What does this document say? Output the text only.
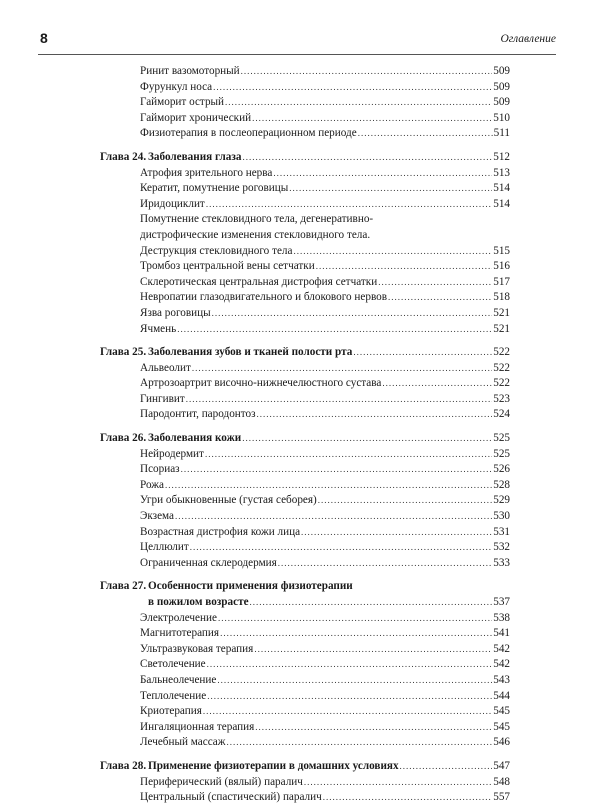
8	Оглавление
Ринит вазомоторный .....	509
Фурункул носа .....	509
Гайморит острый .....	509
Гайморит хронический .....	510
Физиотерапия в послеоперационном периоде .....	511
Глава 24. Заболевания глаза .....	512
Атрофия зрительного нерва .....	513
Кератит, помутнение роговицы .....	514
Иридоциклит .....	514
Помутнение стекловидного тела, дегенеративно-
дистрофические изменения стекловидного тела.
Деструкция стекловидного тела .....	515
Тромбоз центральной вены сетчатки .....	516
Склеротическая центральная дистрофия сетчатки .....	517
Невропатии глазодвигательного и блокового нервов .....	518
Язва роговицы .....	521
Ячмень .....	521
Глава 25. Заболевания зубов и тканей полости рта .....	522
Альвеолит .....	522
Артрозоартрит височно-нижнечелюстного сустава .....	522
Гингивит .....	523
Пародонтит, пародонтоз .....	524
Глава 26. Заболевания кожи .....	525
Нейродермит .....	525
Псориаз .....	526
Рожа .....	528
Угри обыкновенные (густая себорея) .....	529
Экзема .....	530
Возрастная дистрофия кожи лица .....	531
Целлюлит .....	532
Ограниченная склеродермия .....	533
Глава 27. Особенности применения физиотерапии
в пожилом возрасте .....	537
Электролечение .....	538
Магнитотерапия .....	541
Ультразвуковая терапия .....	542
Светолечение .....	542
Бальнеолечение .....	543
Теплолечение .....	544
Криотерапия .....	545
Ингаляционная терапия .....	545
Лечебный массаж .....	546
Глава 28. Применение физиотерапии в домашних условиях .....	547
Периферический (вялый) паралич .....	548
Центральный (спастический) паралич .....	557
